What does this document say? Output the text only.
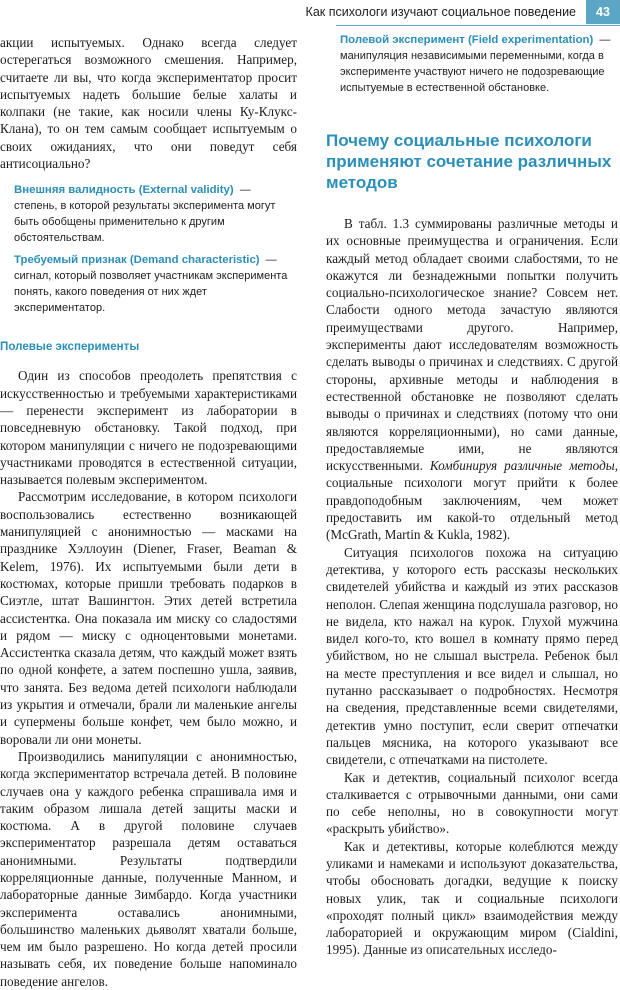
Как психологи изучают социальное поведение	43

акции испытуемых. Однако всегда следует остерегаться возможного смешения. Например, считаете ли вы, что когда экспериментатор просит испытуемых надеть большие белые халаты и колпаки (не такие, как носили члены Ку-Клукс-Клана), то он тем самым сообщает испытуемым о своих ожиданиях, что они поведут себя антисоциально?

Внешняя валидность (External validity)  — степень, в которой результаты эксперимента могут быть обобщены применительно к другим обстоятельствам.
Требуемый признак (Demand characteristic)  — сигнал, который позволяет участникам эксперимента понять, какого поведения от них ждет экспериментатор.
Полевые эксперименты

Один из способов преодолеть препятствия с искусственностью и требуемыми характеристиками — перенести эксперимент из лаборатории в повседневную обстановку. Такой подход, при котором манипуляции с ничего не подозревающими участниками проводятся в естественной ситуации, называется полевым экспериментом.

Рассмотрим исследование, в котором психологи воспользовались естественно возникающей манипуляцией с анонимностью — масками на празднике Хэллоуин (Diener, Fraser, Beaman & Kelem, 1976). Их испытуемыми были дети в костюмах, которые пришли требовать подарков в Сиэтле, штат Вашингтон. Этих детей встретила ассистентка. Она показала им миску со сладостями и рядом — миску с одноцентовыми монетами. Ассистентка сказала детям, что каждый может взять по одной конфете, а затем поспешно ушла, заявив, что занята. Без ведома детей психологи наблюдали из укрытия и отмечали, брали ли маленькие ангелы и супермены больше конфет, чем было можно, и воровали ли они монеты.

Производились манипуляции с анонимностью, когда экспериментатор встречала детей. В половине случаев она у каждого ребенка спрашивала имя и таким образом лишала детей защиты маски и костюма. А в другой половине случаев экспериментатор разрешала детям оставаться анонимными. Результаты подтвердили корреляционные данные, полученные Манном, и лабораторные данные Зимбардо. Когда участники эксперимента оставались анонимными, большинство маленьких дьяволят хватали больше, чем им было разрешено. Но когда детей просили называть себя, их поведение больше напоминало поведение ангелов.

Полевой эксперимент (Field experimentation)  — манипуляция независимыми переменными, когда в эксперименте участвуют ничего не подозревающие испытуемые в естественной обстановке.
Почему социальные психологи применяют сочетание различных методов

В табл. 1.3 суммированы различные методы и их основные преимущества и ограничения. Если каждый метод обладает своими слабостями, то не окажутся ли безнадежными попытки получить социально-психологическое знание? Совсем нет. Слабости одного метода зачастую являются преимуществами другого. Например, эксперименты дают исследователям возможность сделать выводы о причинах и следствиях. С другой стороны, архивные методы и наблюдения в естественной обстановке не позволяют сделать выводы о причинах и следствиях (потому что они являются корреляционными), но сами данные, предоставляемые ими, не являются искусственными. Комбинируя различные методы, социальные психологи могут прийти к более правдоподобным заключениям, чем может предоставить им какой-то отдельный метод (McGrath, Martin & Kukla, 1982).

Ситуация психологов похожа на ситуацию детектива, у которого есть рассказы нескольких свидетелей убийства и каждый из этих рассказов неполон. Слепая женщина подслушала разговор, но не видела, кто нажал на курок. Глухой мужчина видел кого-то, кто вошел в комнату прямо перед убийством, но не слышал выстрела. Ребенок был на месте преступления и все видел и слышал, но путанно рассказывает о подробностях. Несмотря на сведения, представленные всеми свидетелями, детектив умно поступит, если сверит отпечатки пальцев мясника, на которого указывают все свидетели, с отпечатками на пистолете.

Как и детектив, социальный психолог всегда сталкивается с отрывочными данными, они сами по себе неполны, но в совокупности могут «раскрыть убийство».

Как и детективы, которые колеблются между уликами и намеками и используют доказательства, чтобы обосновать догадки, ведущие к поиску новых улик, так и социальные психологи «проходят полный цикл» взаимодействия между лабораторией и окружающим миром (Cialdini, 1995). Данные из описательных исследо-
